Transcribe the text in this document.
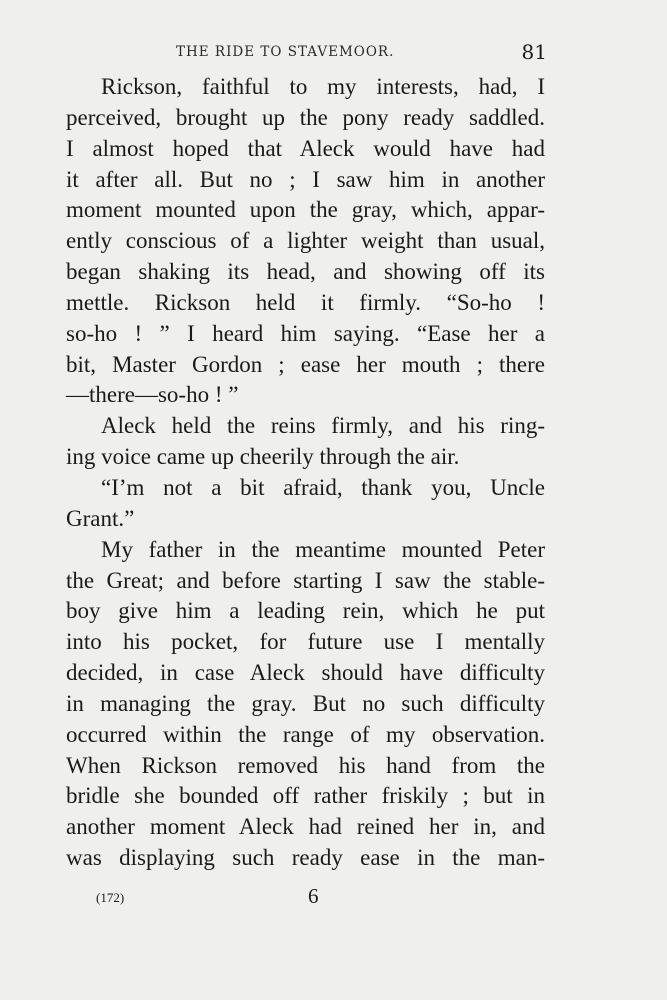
THE RIDE TO STAVEMOOR.	81
Rickson, faithful to my interests, had, I
perceived, brought up the pony ready saddled.
I almost hoped that Aleck would have had
it after all. But no ; I saw him in another
moment mounted upon the gray, which, appar-
ently conscious of a lighter weight than usual,
began shaking its head, and showing off its
mettle. Rickson held it firmly. “So-ho !
so-ho ! ” I heard him saying. “Ease her a
bit, Master Gordon ; ease her mouth ; there
—there—so-ho ! ”
Aleck held the reins firmly, and his ring-
ing voice came up cheerily through the air.
“I’m not a bit afraid, thank you, Uncle
Grant.”
My father in the meantime mounted Peter
the Great; and before starting I saw the stable-
boy give him a leading rein, which he put
into his pocket, for future use I mentally
decided, in case Aleck should have difficulty
in managing the gray. But no such difficulty
occurred within the range of my observation.
When Rickson removed his hand from the
bridle she bounded off rather friskily ; but in
another moment Aleck had reined her in, and
was displaying such ready ease in the man-
(172)	6
